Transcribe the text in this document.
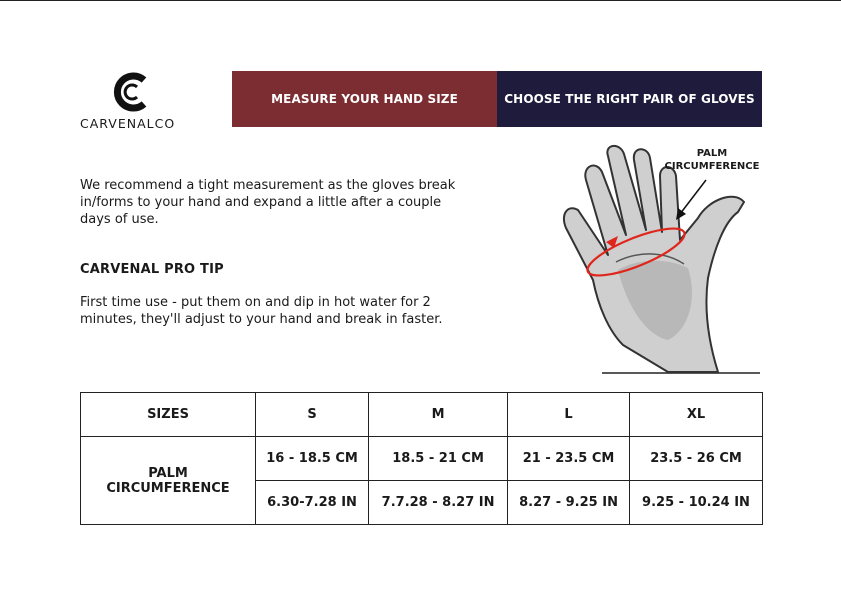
CARVENALCO
MEASURE YOUR HAND SIZE	CHOOSE THE RIGHT PAIR OF GLOVES
We recommend a tight measurement as the gloves break in/forms to your hand and expand a little after a couple days of use.
CARVENAL PRO TIP
First time use - put them on and dip in hot water for 2 minutes, they'll adjust to your hand and break in faster.
PALM
CIRCUMFERENCE
SIZES	S	M	L	XL

PALM
CIRCUMFERENCE	16 - 18.5 CM	18.5 - 21 CM	21 - 23.5 CM	23.5 - 26 CM
	6.30-7.28 IN	7.7.28 - 8.27 IN	8.27 - 9.25 IN	9.25 - 10.24 IN
